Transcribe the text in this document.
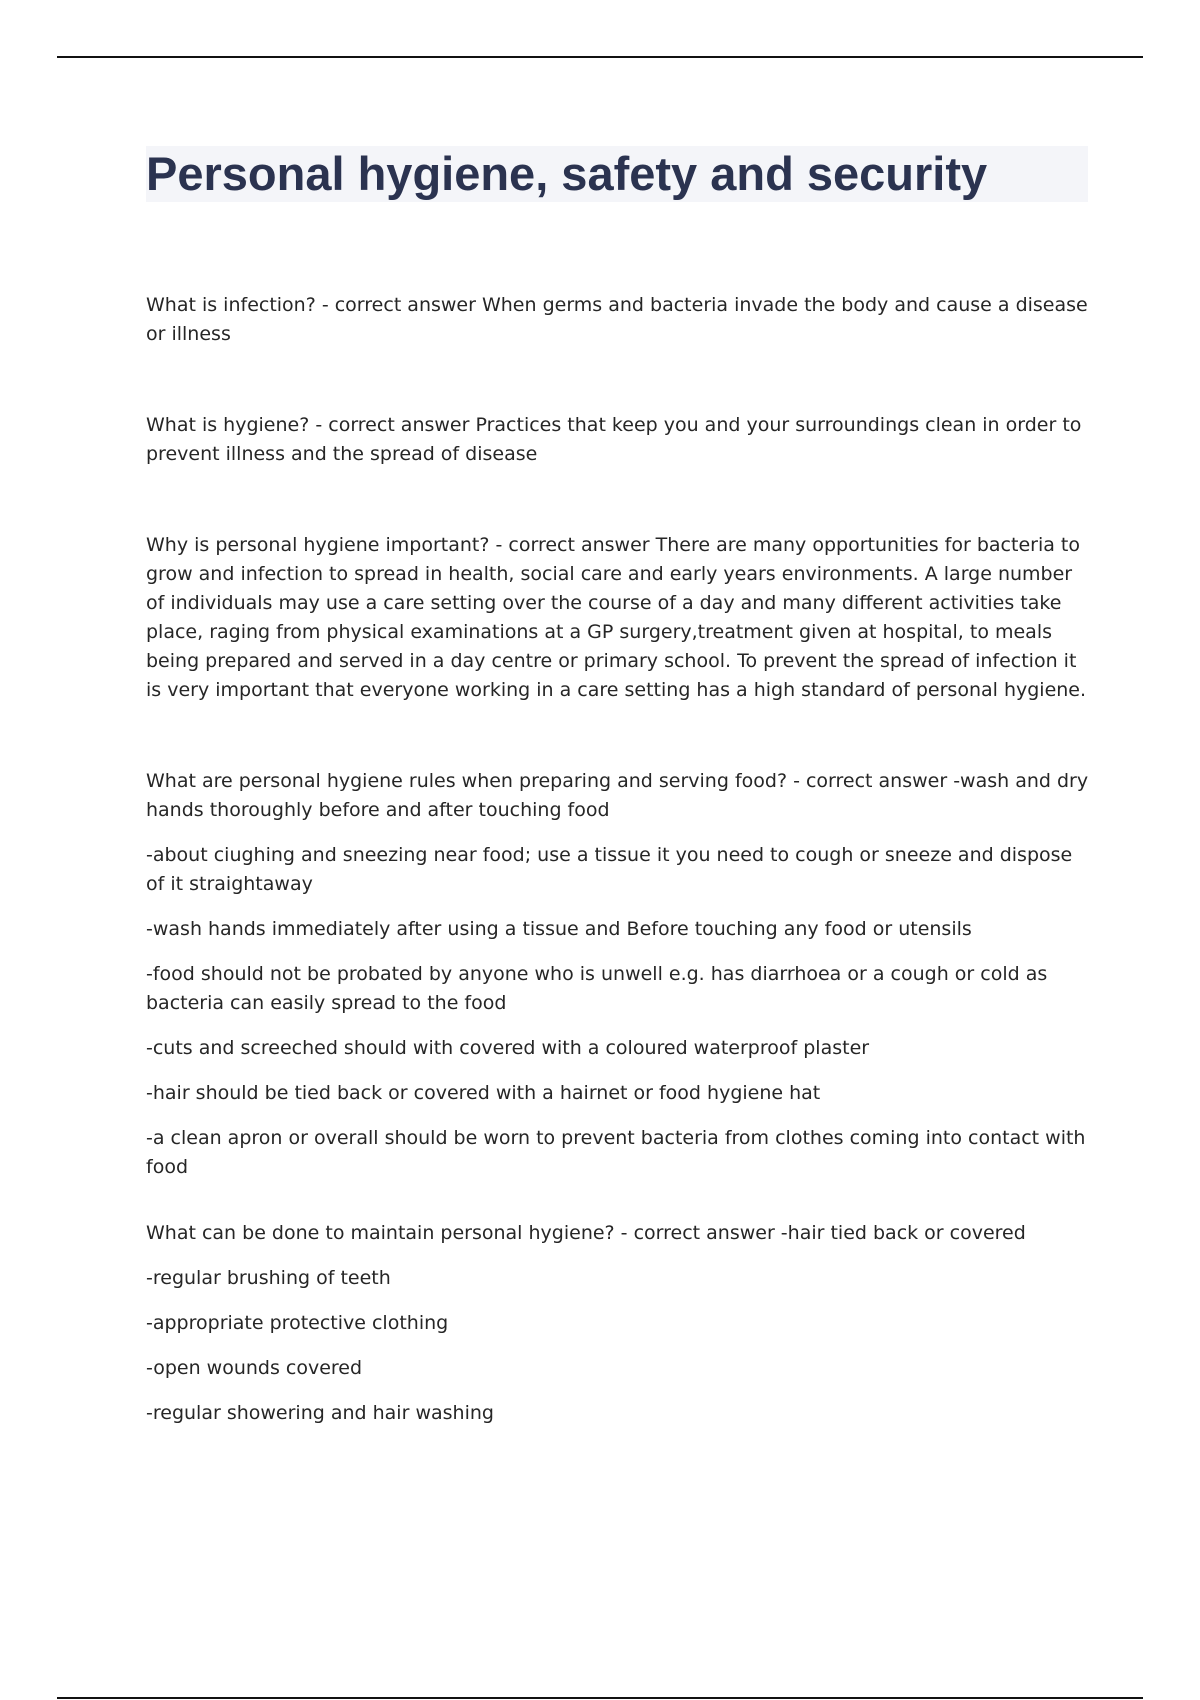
Personal hygiene, safety and security

What is infection? - correct answer When germs and bacteria invade the body and cause a disease or illness

What is hygiene? - correct answer Practices that keep you and your surroundings clean in order to prevent illness and the spread of disease

Why is personal hygiene important? - correct answer There are many opportunities for bacteria to grow and infection to spread in health, social care and early years environments. A large number of individuals may use a care setting over the course of a day and many different activities take place, raging from physical examinations at a GP surgery,treatment given at hospital, to meals being prepared and served in a day centre or primary school. To prevent the spread of infection it is very important that everyone working in a care setting has a high standard of personal hygiene.

What are personal hygiene rules when preparing and serving food? - correct answer -wash and dry hands thoroughly before and after touching food

-about ciughing and sneezing near food; use a tissue it you need to cough or sneeze and dispose of it straightaway

-wash hands immediately after using a tissue and Before touching any food or utensils

-food should not be probated by anyone who is unwell e.g. has diarrhoea or a cough or cold as bacteria can easily spread to the food

-cuts and screeched should with covered with a coloured waterproof plaster

-hair should be tied back or covered with a hairnet or food hygiene hat

-a clean apron or overall should be worn to prevent bacteria from clothes coming into contact with food

What can be done to maintain personal hygiene? - correct answer -hair tied back or covered

-regular brushing of teeth

-appropriate protective clothing

-open wounds covered

-regular showering and hair washing
